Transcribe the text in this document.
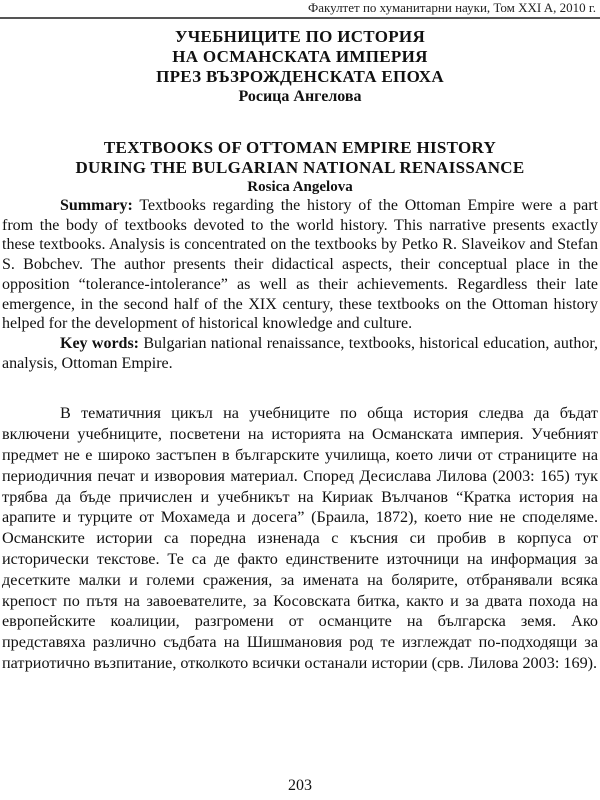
Факултет по хуманитарни науки, Том XXI A, 2010 г.
УЧЕБНИЦИТЕ ПО ИСТОРИЯ
НА ОСМАНСКАТА ИМПЕРИЯ
ПРЕЗ ВЪЗРОЖДЕНСКАТА ЕПОХА
Росица Ангелова
TEXTBOOKS OF OTTOMAN EMPIRE HISTORY
DURING THE BULGARIAN NATIONAL RENAISSANCE
Rosica Angelova

Summary: Textbooks regarding the history of the Ottoman Empire were a part from the body of textbooks devoted to the world history. This narrative presents exactly these textbooks. Analysis is concentrated on the textbooks by Petko R. Slaveikov and Stefan S. Bobchev. The author presents their didactical aspects, their conceptual place in the opposition “tolerance-intolerance” as well as their achievements. Regardless their late emergence, in the second half of the XIX century, these textbooks on the Ottoman history helped for the development of historical knowledge and culture.

Key words: Bulgarian national renaissance, textbooks, historical education, author, analysis, Ottoman Empire.

В тематичния цикъл на учебниците по обща история следва да бъдат включени учебниците, посветени на историята на Османската империя. Учебният предмет не е широко застъпен в българските училища, което личи от страниците на периодичния печат и изворовия материал. Според Десислава Лилова (2003: 165) тук трябва да бъде причислен и учебникът на Кириак Вълчанов “Кратка история на арапите и турците от Мохамеда и досега” (Браила, 1872), което ние не споделяме. Османските истории са поредна изненада с късния си пробив в корпуса от исторически текстове. Те са де факто единствените източници на информация за десетките малки и големи сражения, за имената на болярите, отбранявали всяка крепост по пътя на завоевателите, за Косовската битка, както и за двата похода на европейските коалиции, разгромени от османците на българска земя. Ако представяха различно съдбата на Шишмановия род те изглеждат по-подходящи за патриотично възпитание, отколкото всички останали истории (срв. Лилова 2003: 169).

203
